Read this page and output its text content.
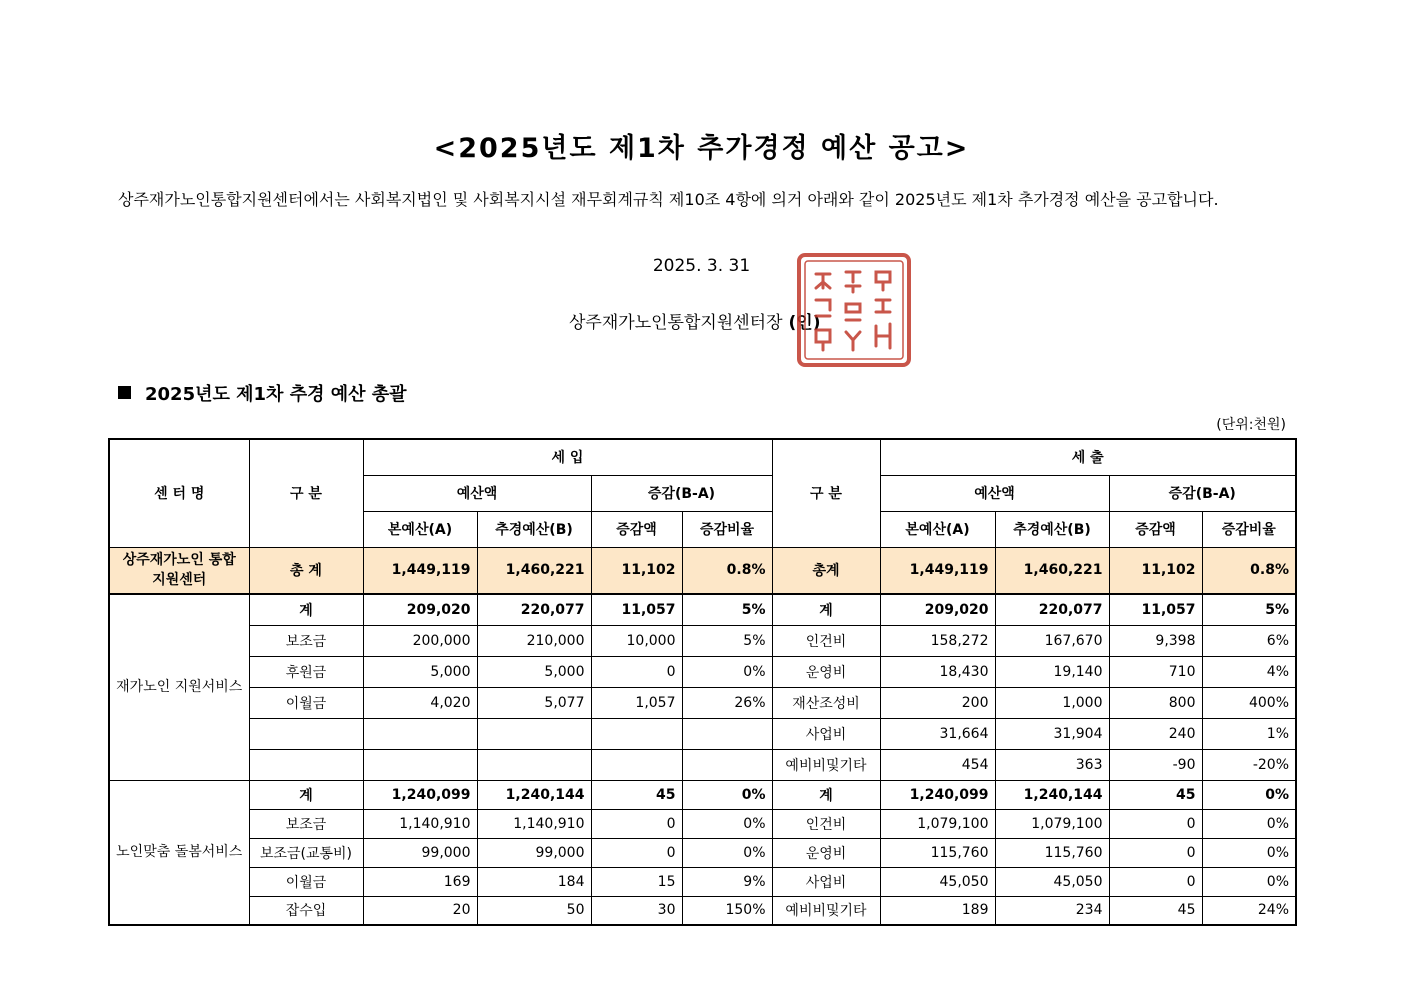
<2025년도 제1차 추가경정 예산 공고>
상주재가노인통합지원센터에서는 사회복지법인 및 사회복지시설 재무회계규칙 제10조 4항에 의거 아래와 같이 2025년도 제1차 추가경정 예산을 공고합니다.
2025. 3. 31
상주재가노인통합지원센터장 (인)
2025년도 제1차 추경 예산 총괄
(단위:천원)
센 터 명	구 분	세 입				구 분	세 출			
		예산액		증감(B-A)			예산액		증감(B-A)	
		본예산(A)	추경예산(B)	증감액	증감비율		본예산(A)	추경예산(B)	증감액	증감비율
상주재가노인 통합지원센터	총 계	1,449,119	1,460,221	11,102	0.8%	총계	1,449,119	1,460,221	11,102	0.8%
재가노인 지원서비스	계	209,020	220,077	11,057	5%	계	209,020	220,077	11,057	5%
	보조금	200,000	210,000	10,000	5%	인건비	158,272	167,670	9,398	6%
	후원금	5,000	5,000	0	0%	운영비	18,430	19,140	710	4%
	이월금	4,020	5,077	1,057	26%	재산조성비	200	1,000	800	400%
						사업비	31,664	31,904	240	1%
						예비비및기타	454	363	-90	-20%
노인맞춤 돌봄서비스	계	1,240,099	1,240,144	45	0%	계	1,240,099	1,240,144	45	0%
	보조금	1,140,910	1,140,910	0	0%	인건비	1,079,100	1,079,100	0	0%
	보조금(교통비)	99,000	99,000	0	0%	운영비	115,760	115,760	0	0%
	이월금	169	184	15	9%	사업비	45,050	45,050	0	0%
	잡수입	20	50	30	150%	예비비및기타	189	234	45	24%
